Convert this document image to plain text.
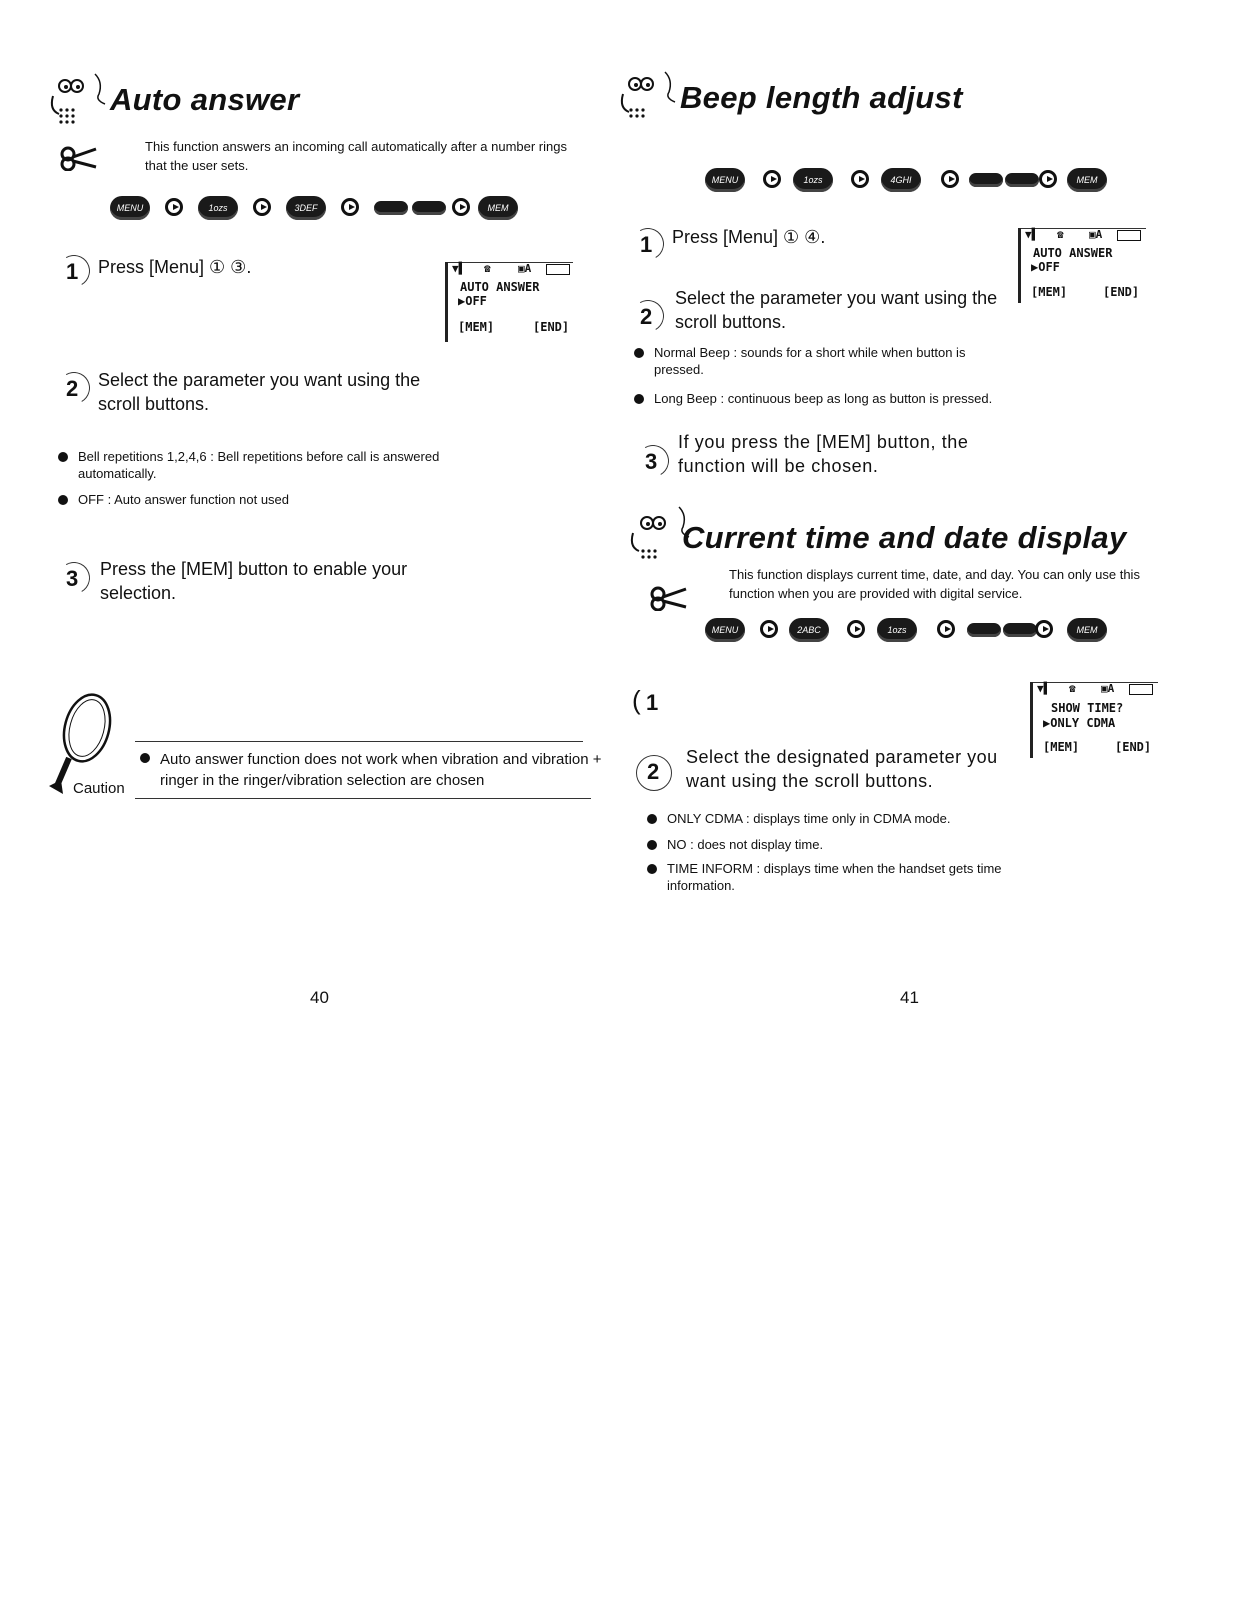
Auto answer
This function answers an incoming call automatically after a number rings that the user sets.
MENU	1ozs	3DEF	MEM
1 Press [Menu] ① ③.	▼▌ ☎ ▣A
AUTO ANSWER
▶OFF
[MEM]	[END]
2 Select the parameter you want using the scroll buttons.
Bell repetitions 1,2,4,6 : Bell repetitions before call is answered automatically.
OFF : Auto answer function not used
3 Press the [MEM] button to enable your selection.
Caution
Auto answer function does not work when vibration and vibration + ringer in the ringer/vibration selection are chosen
40
Beep length adjust
MENU	1ozs	4GHI	MEM
1 Press [Menu] ① ④.	▼▌ ☎ ▣A
AUTO ANSWER
▶OFF
[MEM]	[END]
2
Select the parameter you want using the scroll buttons.
Normal Beep : sounds for a short while when button is pressed.
Long Beep : continuous beep as long as button is pressed.
3
If you press the [MEM] button, the function will be chosen.
Current time and date display
This function displays current time, date, and day. You can only use this function when you are provided with digital service.
MENU	2ABC	1ozs	MEM
( 1
▼▌ ☎ ▣A
SHOW TIME?
▶ONLY CDMA
[MEM]	[END]
2
Select the designated parameter you want using the scroll buttons.
ONLY CDMA : displays time only in CDMA mode.
NO : does not display time.
TIME INFORM : displays time when the handset gets time information.
41
